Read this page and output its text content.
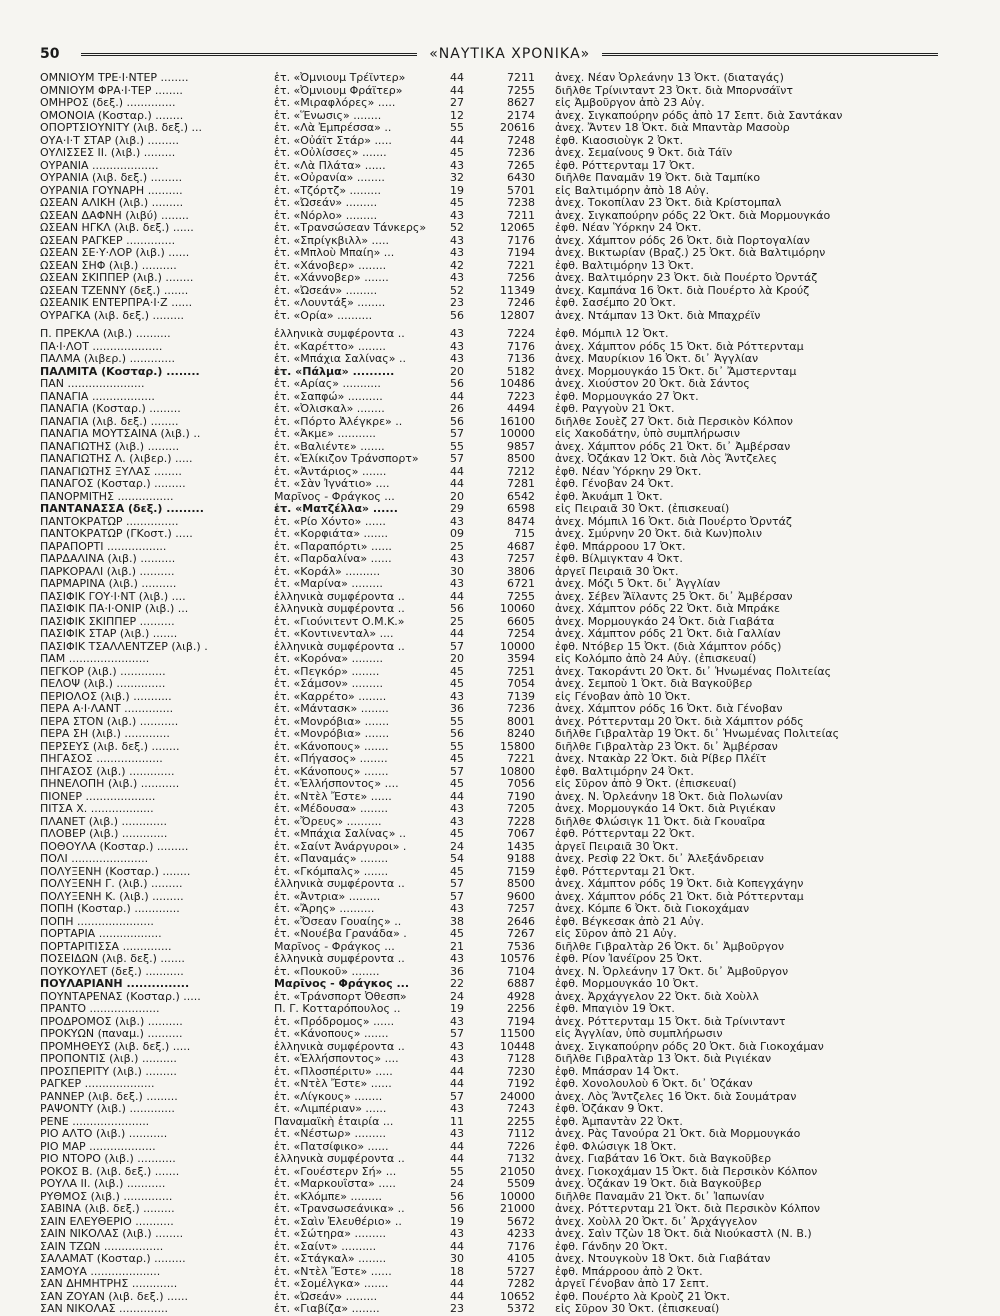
50	«ΝΑΥΤΙΚΑ ΧΡΟΝΙΚΑ»
ΟΜΝΙΟΥΜ ΤΡΕ·Ι·ΝΤΕΡ ........	ἑτ. «Ὀμνιουμ Τρέϊντερ»	44	7211	ἀνεχ. Νέαν Ὀρλεάνην 13 Ὀκτ. (διαταγάς)
ΟΜΝΙΟΥΜ ΦΡΑ·Ι·ΤΕΡ ........	ἑτ. «Ὀμνιουμ Φράϊτερ»	44	7255	διῆλθε Τρίνινταντ 23 Ὀκτ. διὰ Μπορνσάϊντ
ΟΜΗΡΟΣ (δεξ.) ..............	ἑτ. «Μιραφλόρες» .....	27	8627	εἰς Ἀμβοῦργον ἀπὸ 23 Αὐγ.
ΟΜΟΝΟΙΑ (Κοσταρ.) ........	ἑτ. «Ἕνωσις» ........	12	2174	ἀνεχ. Σιγκαπούρην ρόδς ἀπὸ 17 Σεπτ. διὰ Σαντάκαν
ΟΠΟΡΤΣΙΟΥΝΙΤΥ (λιβ. δεξ.) ...	ἑτ. «Λὰ Ἐμπρέσσα» ..	55	20616	ἀνεχ. Ἄντεν 18 Ὀκτ. διὰ Μπαντὰρ Μασοὺρ
ΟΥΑ·Ι·Τ ΣΤΑΡ (λιβ.) .........	ἑτ. «Οὐάϊτ Στάρ» .....	44	7248	ἐφθ. Κιαοσιοὺγκ 2 Ὀκτ.
ΟΥΛΙΣΣΕΣ ΙΙ. (λιβ.) .........	ἑτ. «Οὐλίσσες» .......	45	7236	ἀνεχ. Σεμαίνους 9 Ὀκτ. διὰ Τάϊν
ΟΥΡΑΝΙΑ ...................	ἑτ. «Λὰ Πλάτα» ......	43	7265	ἐφθ. Ρόττερνταμ 17 Ὀκτ.
ΟΥΡΑΝΙΑ (λιβ. δεξ.) .........	ἑτ. «Οὐρανία» ........	32	6430	διῆλθε Παναμᾶν 19 Ὀκτ. διὰ Ταμπίκο
ΟΥΡΑΝΙΑ ΓΟΥΝΑΡΗ ..........	ἑτ. «Τζόρτζ» .........	19	5701	εἰς Βαλτιμόρην ἀπὸ 18 Αὐγ.
ΩΣΕΑΝ ΑΛΙΚΗ (λιβ.) .........	ἑτ. «Ὠσεάν» .........	45	7238	ἀνεχ. Τοκοπίλαν 23 Ὀκτ. διὰ Κρίστομπαλ
ΩΣΕΑΝ ΔΑΦΝΗ (λιβύ) ........	ἑτ. «Νόρλο» .........	43	7211	ἀνεχ. Σιγκαπούρην ρόδς 22 Ὀκτ. διὰ Μορμουγκάο
ΩΣΕΑΝ ΗΓΚΛ (λιβ. δεξ.) ......	ἑτ. «Τρανσώσεαν Τάνκερς»	52	12065	ἐφθ. Νέαν Ὑόρκην 24 Ὀκτ.
ΩΣΕΑΝ ΡΑΓΚΕΡ ..............	ἑτ. «Σπρίγκβιλλ» .....	43	7176	ἀνεχ. Χάμπτον ρόδς 26 Ὀκτ. διὰ Πορτογαλίαν
ΩΣΕΑΝ ΣΕ·Υ·ΛΟΡ (λιβ.) ......	ἑτ. «Μπλοὺ Μπαίη» ...	43	7194	ἀνεχ. Βικτωρίαν (Βραζ.) 25 Ὀκτ. διὰ Βαλτιμόρην
ΩΣΕΑΝ ΣΗΦ (λιβ.) ..........	ἑτ. «Χάνοβερ» ........	42	7221	ἐφθ. Βαλτιμόρην 13 Ὀκτ.
ΩΣΕΑΝ ΣΚΙΠΠΕΡ (λιβ.) ........	ἑτ. «Χάννοβερ» .......	43	7256	ἀνεχ. Βαλτιμόρην 23 Ὀκτ. διὰ Πουέρτο Ὀρντάζ
ΩΣΕΑΝ ΤΖΕΝΝΥ (δεξ.) .......	ἑτ. «Ὠσεάν» .........	52	11349	ἀνεχ. Καμπάνα 16 Ὀκτ. διὰ Πουέρτο λὰ Κρούζ
ΩΣΕΑΝΙΚ ΕΝΤΕΡΠΡΑ·Ι·Ζ ......	ἑτ. «Λουντάξ» ........	23	7246	ἐφθ. Σασέμπο 20 Ὀκτ.
ΟΥΡΑΓΚΑ (λιβ. δεξ.) .........	ἑτ. «Ορία» ..........	56	12807	ἀνεχ. Ντάμπαν 13 Ὀκτ. διὰ Μπαχρέϊν
Π. ΠΡΕΚΛΑ (λιβ.) ..........	ἑλληνικὰ συμφέροντα ..	43	7224	ἐφθ. Μόμπιλ 12 Ὀκτ.
ΠΑ·Ι·ΛΟΤ ....................	ἑτ. «Καρέττο» ........	43	7176	ἀνεχ. Χάμπτον ρόδς 15 Ὀκτ. διὰ Ρόττερνταμ
ΠΑΛΜΑ (λιβερ.) .............	ἑτ. «Μπάχια Σαλίνας» ..	43	7136	ἀνεχ. Μαυρίκιον 16 Ὀκτ. δι᾽ Ἀγγλίαν
ΠΑΛΜΙΤΑ (Κοσταρ.) ........	ἑτ. «Πάλμα» ..........	20	5182	ἀνεχ. Μορμουγκάο 15 Ὀκτ. δι᾽ Ἄμστερνταμ
ΠΑΝ ......................	ἑτ. «Αρίας» ...........	56	10486	ἀνεχ. Χιούστον 20 Ὀκτ. διὰ Σάντος
ΠΑΝΑΓΙΑ ..................	ἑτ. «Σαπφώ» ..........	44	7223	ἐφθ. Μορμουγκάο 27 Ὀκτ.
ΠΑΝΑΓΙΑ (Κοσταρ.) .........	ἑτ. «Ὀλισκαλ» ........	26	4494	ἐφθ. Ραγγοὺν 21 Ὀκτ.
ΠΑΝΑΓΙΑ (λιβ. δεξ.) ........	ἑτ. «Πόρτο Ἀλέγκρε» ..	56	16100	διῆλθε Σουὲζ 27 Ὀκτ. διὰ Περσικὸν Κόλπον
ΠΑΝΑΓΙΑ ΜΟΥΤΣΑΙΝΑ (λιβ.) ..	ἑτ. «Ἀκμε» ...........	57	10000	εἰς Χακοδάτην, ὑπὸ συμπλήρωσιν
ΠΑΝΑΓΙΩΤΗΣ (λιβ.) .........	ἑτ. «Βαλιέντε» .......	55	9857	ἀνεχ. Χάμπτον ρόδς 21 Ὀκτ. δι᾽ Ἀμβέρσαν
ΠΑΝΑΓΙΩΤΗΣ Λ. (λιβερ.) .....	ἑτ. «Ἑλίκιζον Τράνσπορτ»	57	8500	ἀνεχ. Ὀζάκαν 12 Ὀκτ. διὰ Λὸς Ἄντζελες
ΠΑΝΑΓΙΩΤΗΣ ΞΥΛΑΣ ........	ἑτ. «Ἀντάριος» .......	44	7212	ἐφθ. Νέαν Ὑόρκην 29 Ὀκτ.
ΠΑΝΑΓΟΣ (Κοσταρ.) .........	ἑτ. «Σὰν Ἰγνάτιο» ....	44	7281	ἐφθ. Γένοβαν 24 Ὀκτ.
ΠΑΝΟΡΜΙΤΗΣ ................	Μαρῖνος - Φράγκος ...	20	6542	ἐφθ. Ἀκυάμπ 1 Ὀκτ.
ΠΑΝΤΑΝΑΣΣΑ (δεξ.) .........	ἑτ. «Ματζέλλα» ......	29	6598	εἰς Πειραιᾶ 30 Ὀκτ. (ἐπισκευαί)
ΠΑΝΤΟΚΡΑΤΩΡ ...............	ἑτ. «Ρίο Χόντο» ......	43	8474	ἀνεχ. Μόμπιλ 16 Ὀκτ. διὰ Πουέρτο Ὀρντάζ
ΠΑΝΤΟΚΡΑΤΩΡ (ΓΚοστ.) .....	ἑτ. «Κορφιάτα» .......	09	715	ἀνεχ. Σμύρνην 20 Ὀκτ. διὰ Κων)πολιν
ΠΑΡΑΠΟΡΤΙ .................	ἑτ. «Παραπόρτι» ......	25	4687	ἐφθ. Μπάρροου 17 Ὀκτ.
ΠΑΡΔΑΛΙΝΑ (λιβ.) ..........	ἑτ. «Παρδαλίνα» ......	43	7257	ἐφθ. Βίλμιγκταν 4 Ὀκτ.
ΠΑΡΚΟΡΑΛΙ (λιβ.) ..........	ἑτ. «Κοράλ» ..........	30	3806	ἀργεῖ Πειραιᾶ 30 Ὀκτ.
ΠΑΡΜΑΡΙΝΑ (λιβ.) ..........	ἑτ. «Μαρίνα» .........	43	6721	ἀνεχ. Μόζι 5 Ὀκτ. δι᾽ Ἀγγλίαν
ΠΑΣΙΦΙΚ ΓΟΥ·Ι·ΝΤ (λιβ.) ....	ἑλληνικὰ συμφέροντα ..	44	7255	ἀνεχ. Σέβεν Ἄϊλαντς 25 Ὀκτ. δι᾽ Ἀμβέρσαν
ΠΑΣΙΦΙΚ ΠΑ·Ι·ΟΝΙΡ (λιβ.) ...	ἑλληνικὰ συμφέροντα ..	56	10060	ἀνεχ. Χάμπτον ρόδς 22 Ὀκτ. διὰ Μπράκε
ΠΑΣΙΦΙΚ ΣΚΙΠΠΕΡ ..........	ἑτ. «Γιούνιτεντ Ο.Μ.Κ.»	25	6605	ἀνεχ. Μορμουγκάο 24 Ὀκτ. διὰ Γιαβάτα
ΠΑΣΙΦΙΚ ΣΤΑΡ (λιβ.) .......	ἑτ. «Κοντινενταλ» ....	44	7254	ἀνεχ. Χάμπτον ρόδς 21 Ὀκτ. διὰ Γαλλίαν
ΠΑΣΙΦΙΚ ΤΣΑΛΛΕΝΤΖΕΡ (λιβ.) .	ἑλληνικὰ συμφέροντα ..	57	10000	ἐφθ. Ντόβερ 15 Ὀκτ. (διὰ Χάμπτον ρόδς)
ΠΑΜ .......................	ἑτ. «Κορόνα» .........	20	3594	εἰς Κολόμπο ἀπὸ 24 Αὐγ. (ἐπισκευαί)
ΠΕΓΚΟΡ (λιβ.) .............	ἑτ. «Πεγκόρ» ........	45	7251	ἀνεχ. Τακοράντι 20 Ὀκτ. δι᾽ Ἡνωμένας Πολιτείας
ΠΕΛΟΨ (λιβ.) ..............	ἑτ. «Σάμσον» .........	45	7054	ἀνεχ. Σεμποὺ 1 Ὀκτ. διὰ Βαγκοῦβερ
ΠΕΡΙΟΛΟΣ (λιβ.) ...........	ἑτ. «Καρρέτο» ........	43	7139	εἰς Γένοβαν ἀπὸ 10 Ὀκτ.
ΠΕΡΑ Α·Ι·ΛΑΝΤ ..............	ἑτ. «Μάντασκ» ........	36	7236	ἀνεχ. Χάμπτον ρόδς 16 Ὀκτ. διὰ Γένοβαν
ΠΕΡΑ ΣΤΟΝ (λιβ.) ...........	ἑτ. «Μονρόβια» .......	55	8001	ἀνεχ. Ρόττερνταμ 20 Ὀκτ. διὰ Χάμπτον ρόδς
ΠΕΡΑ ΣΗ (λιβ.) .............	ἑτ. «Μονρόβια» .......	56	8240	διῆλθε Γιβραλτὰρ 19 Ὀκτ. δι᾽ Ἡνωμένας Πολιτείας
ΠΕΡΣΕΥΣ (λιβ. δεξ.) ........	ἑτ. «Κάνοπους» .......	55	15800	διῆλθε Γιβραλτὰρ 23 Ὀκτ. δι᾽ Ἀμβέρσαν
ΠΗΓΑΣΟΣ ...................	ἑτ. «Πήγασος» ........	45	7221	ἀνεχ. Ντακὰρ 22 Ὀκτ. διὰ Ρίβερ Πλέϊτ
ΠΗΓΑΣΟΣ (λιβ.) .............	ἑτ. «Κάνοπους» .......	57	10800	ἐφθ. Βαλτιμόρην 24 Ὀκτ.
ΠΗΝΕΛΟΠΗ (λιβ.) ...........	ἑτ. «Ἑλλήσποντος» ....	45	7056	εἰς Σῦρον ἀπὸ 9 Ὀκτ. (ἐπισκευαί)
ΠΙΟΝΕΡ ....................	ἑτ. «Ντὲλ Ἔστε» ......	44	7190	ἀνεχ. Ν. Ὀρλεάνην 18 Ὀκτ. διὰ Πολωνίαν
ΠΙΤΣΑ Χ. ..................	ἑτ. «Μέδουσα» ........	43	7205	ἀνεχ. Μορμουγκάο 14 Ὀκτ. διὰ Ριγιέκαν
ΠΛΑΝΕΤ (λιβ.) .............	ἑτ. «Ὄρευς» ..........	43	7228	διῆλθε Φλώσιγκ 11 Ὀκτ. διὰ Γκουαΐρα
ΠΛΟΒΕΡ (λιβ.) .............	ἑτ. «Μπάχια Σαλίνας» ..	45	7067	ἐφθ. Ρόττερνταμ 22 Ὀκτ.
ΠΟΘΟΥΛΑ (Κοσταρ.) .........	ἑτ. «Σαίντ Ἀνάργυροι» .	24	1435	ἀργεῖ Πειραιᾶ 30 Ὀκτ.
ΠΟΛΙ ......................	ἑτ. «Παναμάς» ........	54	9188	ἀνεχ. Ρεσὶφ 22 Ὀκτ. δι᾽ Ἀλεξάνδρειαν
ΠΟΛΥΞΕΝΗ (Κοσταρ.) ........	ἑτ. «Γκόμπαλς» .......	45	7159	ἐφθ. Ρόττερνταμ 21 Ὀκτ.
ΠΟΛΥΞΕΝΗ Γ. (λιβ.) .........	ἑλληνικὰ συμφέροντα ..	57	8500	ἀνεχ. Χάμπτον ρόδς 19 Ὀκτ. διὰ Κοπεγχάγην
ΠΟΛΥΞΕΝΗ Κ. (λιβ.) .........	ἑτ. «Ἀντρια» .........	57	9600	ἀνεχ. Χάμπτον ρόδς 21 Ὀκτ. διὰ Ρόττερνταμ
ΠΟΠΗ (Κοσταρ.) .............	ἑτ. «Ἄρης» ..........	43	7257	ἀνεχ. Κόμπε 6 Ὀκτ. διὰ Γιοκοχάμαν
ΠΟΠΗ ......................	ἑτ. «Ὄσεαν Γουαίης» ..	38	2646	ἐφθ. Βέγκεσακ ἀπὸ 21 Αὐγ.
ΠΟΡΤΑΡΙΑ ..................	ἑτ. «Νουέβα Γρανάδα» .	45	7267	εἰς Σῦρον ἀπὸ 21 Αὐγ.
ΠΟΡΤΑΡΙΤΙΣΣΑ ..............	Μαρῖνος - Φράγκος ...	21	7536	διῆλθε Γιβραλτὰρ 26 Ὀκτ. δι᾽ Ἀμβοῦργον
ΠΟΣΕΙΔΩΝ (λιβ. δεξ.) .......	ἑλληνικὰ συμφέροντα ..	43	10576	ἐφθ. Ρίον Ἰανέϊρον 25 Ὀκτ.
ΠΟΥΚΟΥΛΕΤ (δεξ.) ...........	ἑτ. «Πουκοῦ» ........	36	7104	ἀνεχ. Ν. Ὀρλεάνην 17 Ὀκτ. δι᾽ Ἀμβοῦργον
ΠΟΥΛΑΡΙΑΝΗ ...............	Μαρῖνος - Φράγκος ...	22	6887	ἐφθ. Μορμουγκάο 10 Ὀκτ.
ΠΟΥΝΤΑΡΕΝΑΣ (Κοσταρ.) .....	ἑτ. «Τράνσπορτ Ὀθεσπ»	24	4928	ἀνεχ. Ἀρχάγγελον 22 Ὀκτ. διὰ Χοὺλλ
ΠΡΑΝΤΟ ....................	Π. Γ. Κοτταρόπουλος ..	19	2256	ἐφθ. Μπαγιὸν 19 Ὀκτ.
ΠΡΟΔΡΟΜΟΣ (λιβ.) ..........	ἑτ. «Πρόδρομος» ......	43	7194	ἀνεχ. Ρόττερνταμ 15 Ὀκτ. διὰ Τρίνινταντ
ΠΡΟΚΥΩΝ (παναμ.) ..........	ἑτ. «Κάνοπους» .......	57	11500	εἰς Ἀγγλίαν, ὑπὸ συμπλήρωσιν
ΠΡΟΜΗΘΕΥΣ (λιβ. δεξ.) .....	ἑλληνικὰ συμφέροντα ..	43	10448	ἀνεχ. Σιγκαπούρην ρόδς 20 Ὀκτ. διὰ Γιοκοχάμαν
ΠΡΟΠΟΝΤΙΣ (λιβ.) ..........	ἑτ. «Ἑλλήσποντος» ....	43	7128	διῆλθε Γιβραλτὰρ 13 Ὀκτ. διὰ Ριγιέκαν
ΠΡΟΣΠΕΡΙΤΥ (λιβ.) .........	ἑτ. «Πλοσπέριτυ» .....	44	7230	ἐφθ. Μπάσραν 14 Ὀκτ.
ΡΑΓΚΕΡ ....................	ἑτ. «Ντὲλ Ἔστε» ......	44	7192	ἐφθ. Χονολουλοὺ 6 Ὀκτ. δι᾽ Ὀζάκαν
ΡΑΝΝΕΡ (λιβ. δεξ.) .........	ἑτ. «Λίγκους» ........	57	24000	ἀνεχ. Λὸς Ἄντζελες 16 Ὀκτ. διὰ Σουμάτραν
ΡΑΨΟΝΤΥ (λιβ.) .............	ἑτ. «Λιμπέριαν» ......	43	7243	ἐφθ. Ὀζάκαν 9 Ὀκτ.
ΡΕΝΕ ......................	Παναμαϊκὴ ἑταιρία ...	11	2255	ἐφθ. Ἀμπαντὰν 22 Ὀκτ.
ΡΙΟ ΑΛΤΟ (λιβ.) ...........	ἑτ. «Νέστωρ» .........	43	7112	ἀνεχ. Ρὰς Τανούρα 21 Ὀκτ. διὰ Μορμουγκάο
ΡΙΟ ΜΑΡ ...................	ἑτ. «Πατσίφικο» ......	44	7226	ἐφθ. Φλώσιγκ 18 Ὀκτ.
ΡΙΟ ΝΤΟΡΟ (λιβ.) ...........	ἑλληνικὰ συμφέροντα ..	44	7132	ἀνεχ. Γιαβάταν 16 Ὀκτ. διὰ Βαγκοῦβερ
ΡΟΚΟΣ Β. (λιβ. δεξ.) .......	ἑτ. «Γουέστερν Σή» ...	55	21050	ἀνεχ. Γιοκοχάμαν 15 Ὀκτ. διὰ Περσικὸν Κόλπον
ΡΟΥΛΑ ΙΙ. (λιβ.) ...........	ἑτ. «Μαρκουΐστα» .....	24	5509	ἀνεχ. Ὀζάκαν 19 Ὀκτ. διὰ Βαγκοῦβερ
ΡΥΘΜΟΣ (λιβ.) ..............	ἑτ. «Κλόμπε» .........	56	10000	διῆλθε Παναμᾶν 21 Ὀκτ. δι᾽ Ἰαπωνίαν
ΣΑΒΙΝΑ (λιβ. δεξ.) .........	ἑτ. «Τρανσωσεάνικα» ..	56	21000	ἀνεχ. Ρόττερνταμ 21 Ὀκτ. διὰ Περσικὸν Κόλπον
ΣΑΙΝ ΕΛΕΥΘΕΡΙΟ ...........	ἑτ. «Σαὶν Ἐλευθέριο» ..	19	5672	ἀνεχ. Χοὺλλ 20 Ὀκτ. δι᾽ Ἀρχάγγελον
ΣΑΙΝ ΝΙΚΟΛΑΣ (λιβ.) ........	ἑτ. «Σώτηρα» .........	43	4233	ἀνεχ. Σαὶν Τζὼν 18 Ὀκτ. διὰ Νιούκαστλ (Ν. Β.)
ΣΑΙΝ ΤΖΩΝ .................	ἑτ. «Σαίντ» ..........	44	7176	ἐφθ. Γάνδην 20 Ὀκτ.
ΣΑΛΑΜΑΤ (Κοσταρ.) .........	ἑτ. «Στάγκαλ» ........	30	4105	ἀνεχ. Ντουγκοὺν 18 Ὀκτ. διὰ Γιαβάταν
ΣΑΜΟΥΑ ....................	ἑτ. «Ντὲλ Ἔστε» ......	18	5727	ἐφθ. Μπάρροου ἀπὸ 2 Ὀκτ.
ΣΑΝ ΔΗΜΗΤΡΗΣ .............	ἑτ. «Σομέλγκα» .......	44	7282	ἀργεῖ Γένοβαν ἀπὸ 17 Σεπτ.
ΣΑΝ ΖΟΥΑΝ (λιβ. δεξ.) ......	ἑτ. «Ὠσεάν» .........	44	10652	ἐφθ. Πουέρτο λὰ Κροὺζ 21 Ὀκτ.
ΣΑΝ ΝΙΚΟΛΑΣ ..............	ἑτ. «Γιαβίζα» ........	23	5372	εἰς Σῦρον 30 Ὀκτ. (ἐπισκευαί)
